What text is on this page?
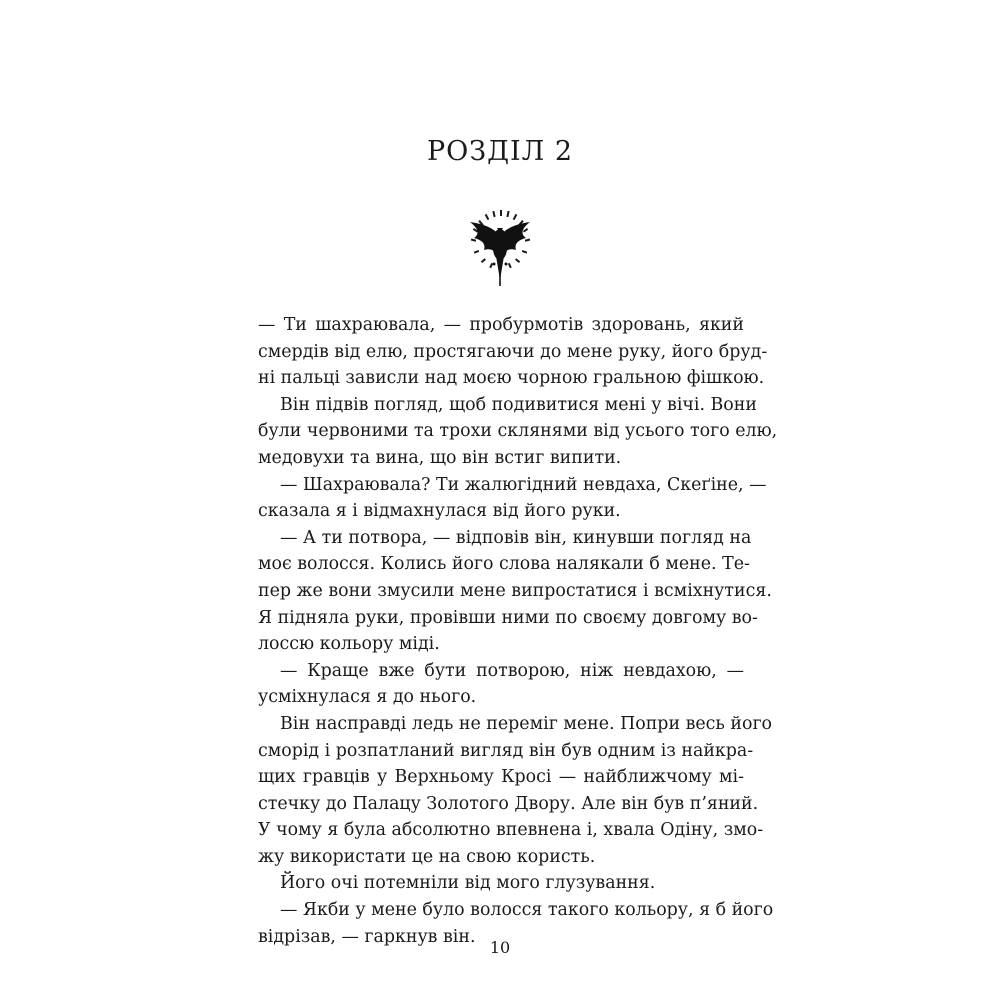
РОЗДІЛ 2
— Ти шахраювала, — пробурмотів здоровань, який
смердів від елю, простягаючи до мене руку, його бруд-
ні пальці зависли над моєю чорною гральною фішкою.
Він підвів погляд, щоб подивитися мені у вічі. Вони
були червоними та трохи склянями від усього того елю,
медовухи та вина, що він встиг випити.
— Шахраювала? Ти жалюгідний невдаха, Скеґіне, —
сказала я і відмахнулася від його руки.
— А ти потвора, — відповів він, кинувши погляд на
моє волосся. Колись його слова налякали б мене. Те-
пер же вони змусили мене випростатися і всміхнутися.
Я підняла руки, провівши ними по своєму довгому во-
лоссю кольору міді.
— Краще вже бути потворою, ніж невдахою, —
усміхнулася я до нього.
Він насправді ледь не переміг мене. Попри весь його
сморід і розпатланий вигляд він був одним із найкра-
щих гравців у Верхньому Кросі — найближчому мі-
стечку до Палацу Золотого Двору. Але він був п’яний.
У чому я була абсолютно впевнена і, хвала Одіну, змо-
жу використати це на свою користь.
Його очі потемніли від мого глузування.
— Якби у мене було волосся такого кольору, я б його
відрізав, — гаркнув він.
10
